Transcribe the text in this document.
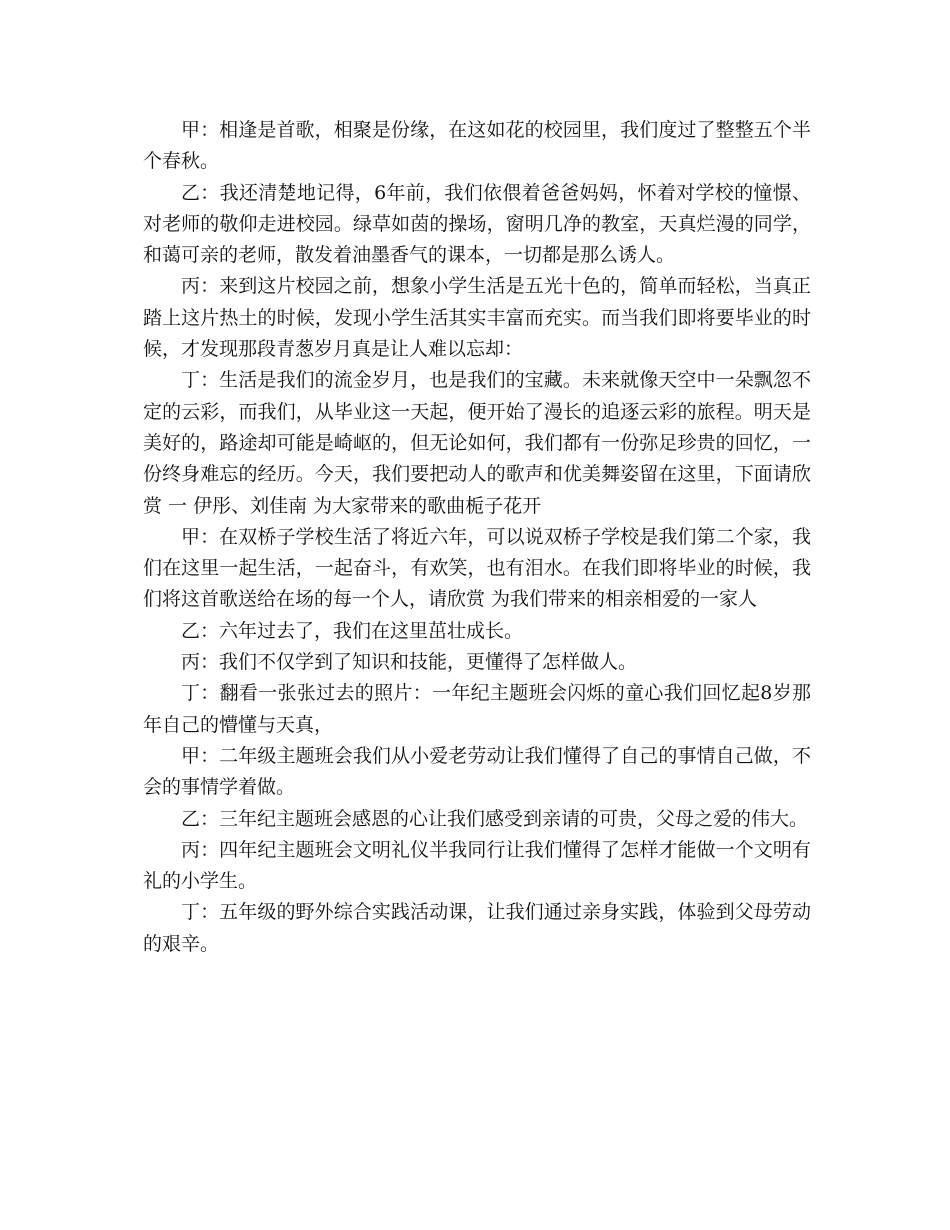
甲：相逢是首歌，相聚是份缘，在这如花的校园里，我们度过了整整五个半个春秋。

乙：我还清楚地记得，6年前，我们依偎着爸爸妈妈，怀着对学校的憧憬、对老师的敬仰走进校园。绿草如茵的操场，窗明几净的教室，天真烂漫的同学，和蔼可亲的老师，散发着油墨香气的课本，一切都是那么诱人。

丙：来到这片校园之前，想象小学生活是五光十色的，简单而轻松，当真正踏上这片热土的时候，发现小学生活其实丰富而充实。而当我们即将要毕业的时候，才发现那段青葱岁月真是让人难以忘却：

丁：生活是我们的流金岁月，也是我们的宝藏。未来就像天空中一朵飘忽不定的云彩，而我们，从毕业这一天起，便开始了漫长的追逐云彩的旅程。明天是美好的，路途却可能是崎岖的，但无论如何，我们都有一份弥足珍贵的回忆，一份终身难忘的经历。今天，我们要把动人的歌声和优美舞姿留在这里，下面请欣赏 一 伊彤、刘佳南 为大家带来的歌曲栀子花开

甲：在双桥子学校生活了将近六年，可以说双桥子学校是我们第二个家，我们在这里一起生活，一起奋斗，有欢笑，也有泪水。在我们即将毕业的时候，我们将这首歌送给在场的每一个人，请欣赏 为我们带来的相亲相爱的一家人

乙：六年过去了，我们在这里茁壮成长。

丙：我们不仅学到了知识和技能，更懂得了怎样做人。

丁：翻看一张张过去的照片：一年纪主题班会闪烁的童心我们回忆起8岁那年自己的懵懂与天真，

甲：二年级主题班会我们从小爱老劳动让我们懂得了自己的事情自己做，不会的事情学着做。

乙：三年纪主题班会感恩的心让我们感受到亲请的可贵，父母之爱的伟大。

丙：四年纪主题班会文明礼仪半我同行让我们懂得了怎样才能做一个文明有礼的小学生。

丁：五年级的野外综合实践活动课，让我们通过亲身实践，体验到父母劳动的艰辛。
